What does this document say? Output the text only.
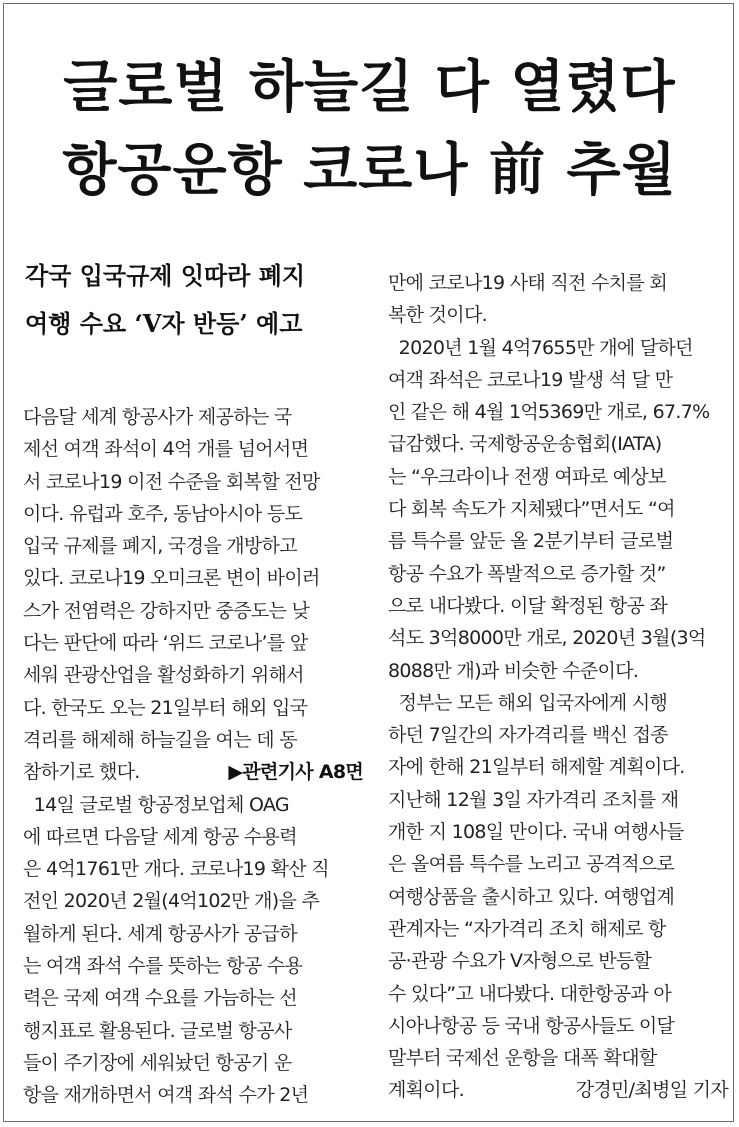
글로벌 하늘길 다 열렸다
항공운항 코로나 前 추월
각국 입국규제 잇따라 폐지
여행 수요 ‘V자 반등’ 예고
다음달 세계 항공사가 제공하는 국
제선 여객 좌석이 4억 개를 넘어서면
서 코로나19 이전 수준을 회복할 전망
이다. 유럽과 호주, 동남아시아 등도
입국 규제를 폐지, 국경을 개방하고
있다. 코로나19 오미크론 변이 바이러
스가 전염력은 강하지만 중증도는 낮
다는 판단에 따라 ‘위드 코로나’를 앞
세워 관광산업을 활성화하기 위해서
다. 한국도 오는 21일부터 해외 입국
격리를 해제해 하늘길을 여는 데 동
참하기로 했다.	▶관련기사 A8면
14일 글로벌 항공정보업체 OAG
에 따르면 다음달 세계 항공 수용력
은 4억1761만 개다. 코로나19 확산 직
전인 2020년 2월(4억102만 개)을 추
월하게 된다. 세계 항공사가 공급하
는 여객 좌석 수를 뜻하는 항공 수용
력은 국제 여객 수요를 가늠하는 선
행지표로 활용된다. 글로벌 항공사
들이 주기장에 세워놨던 항공기 운
항을 재개하면서 여객 좌석 수가 2년
만에 코로나19 사태 직전 수치를 회
복한 것이다.
2020년 1월 4억7655만 개에 달하던
여객 좌석은 코로나19 발생 석 달 만
인 같은 해 4월 1억5369만 개로, 67.7%
급감했다. 국제항공운송협회(IATA)
는 “우크라이나 전쟁 여파로 예상보
다 회복 속도가 지체됐다”면서도 “여
름 특수를 앞둔 올 2분기부터 글로벌
항공 수요가 폭발적으로 증가할 것”
으로 내다봤다. 이달 확정된 항공 좌
석도 3억8000만 개로, 2020년 3월(3억
8088만 개)과 비슷한 수준이다.
정부는 모든 해외 입국자에게 시행
하던 7일간의 자가격리를 백신 접종
자에 한해 21일부터 해제할 계획이다.
지난해 12월 3일 자가격리 조치를 재
개한 지 108일 만이다. 국내 여행사들
은 올여름 특수를 노리고 공격적으로
여행상품을 출시하고 있다. 여행업계
관계자는 “자가격리 조치 해제로 항
공·관광 수요가 V자형으로 반등할
수 있다”고 내다봤다. 대한항공과 아
시아나항공 등 국내 항공사들도 이달
말부터 국제선 운항을 대폭 확대할
계획이다.	강경민/최병일 기자
